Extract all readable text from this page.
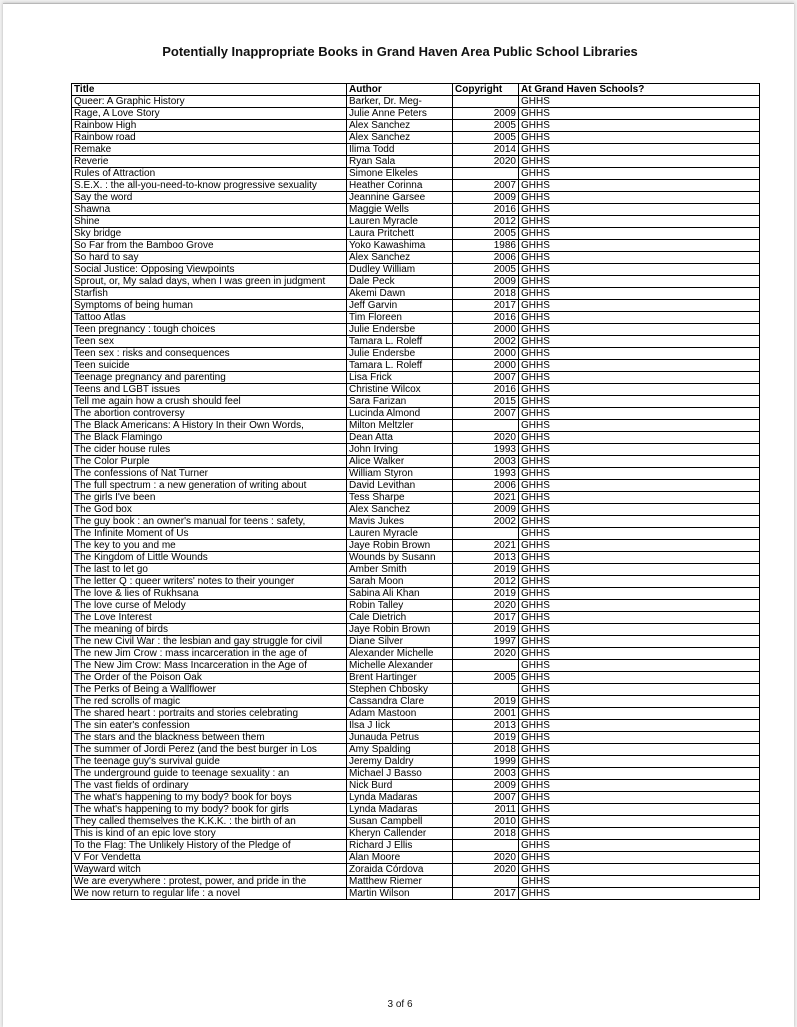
Potentially Inappropriate Books in Grand Haven Area Public School Libraries
Title	Author	Copyright	At Grand Haven Schools?
Queer: A Graphic History	Barker, Dr. Meg-		GHHS
Rage, A Love Story	Julie Anne Peters	2009	GHHS
Rainbow High	Alex Sanchez	2005	GHHS
Rainbow road	Alex Sanchez	2005	GHHS
Remake	Ilima Todd	2014	GHHS
Reverie	Ryan Sala	2020	GHHS
Rules of Attraction	Simone Elkeles		GHHS
S.E.X. : the all-you-need-to-know progressive sexuality	Heather Corinna	2007	GHHS
Say the word	Jeannine Garsee	2009	GHHS
Shawna	Maggie Wells	2016	GHHS
Shine	Lauren Myracle	2012	GHHS
Sky bridge	Laura Pritchett	2005	GHHS
So Far from the Bamboo Grove	Yoko Kawashima	1986	GHHS
So hard to say	Alex Sanchez	2006	GHHS
Social Justice: Opposing Viewpoints	Dudley William	2005	GHHS
Sprout, or, My salad days, when I was green in judgment	Dale Peck	2009	GHHS
Starfish	Akemi Dawn	2018	GHHS
Symptoms of being human	Jeff Garvin	2017	GHHS
Tattoo Atlas	Tim Floreen	2016	GHHS
Teen pregnancy : tough choices	Julie Endersbe	2000	GHHS
Teen sex	Tamara L. Roleff	2002	GHHS
Teen sex : risks and consequences	Julie Endersbe	2000	GHHS
Teen suicide	Tamara L. Roleff	2000	GHHS
Teenage pregnancy and parenting	Lisa Frick	2007	GHHS
Teens and LGBT issues	Christine Wilcox	2016	GHHS
Tell me again how a crush should feel	Sara Farizan	2015	GHHS
The abortion controversy	Lucinda Almond	2007	GHHS
The Black Americans: A History In their Own Words,	Milton Meltzler		GHHS
The Black Flamingo	Dean Atta	2020	GHHS
The cider house rules	John Irving	1993	GHHS
The Color Purple	Alice Walker	2003	GHHS
The confessions of Nat Turner	William Styron	1993	GHHS
The full spectrum : a new generation of writing about	David Levithan	2006	GHHS
The girls I've been	Tess Sharpe	2021	GHHS
The God box	Alex Sanchez	2009	GHHS
The guy book : an owner's manual for teens : safety,	Mavis Jukes	2002	GHHS
The Infinite Moment of Us	Lauren Myracle		GHHS
The key to you and me	Jaye Robin Brown	2021	GHHS
The Kingdom of Little Wounds	Wounds by Susann	2013	GHHS
The last to let go	Amber Smith	2019	GHHS
The letter Q : queer writers' notes to their younger	Sarah Moon	2012	GHHS
The love & lies of Rukhsana	Sabina Ali Khan	2019	GHHS
The love curse of Melody	Robin Talley	2020	GHHS
The Love Interest	Cale Dietrich	2017	GHHS
The meaning of birds	Jaye Robin Brown	2019	GHHS
The new Civil War : the lesbian and gay struggle for civil	Diane Silver	1997	GHHS
The new Jim Crow : mass incarceration in the age of	Alexander Michelle	2020	GHHS
The New Jim Crow: Mass Incarceration in the Age of	Michelle Alexander		GHHS
The Order of the Poison Oak	Brent Hartinger	2005	GHHS
The Perks of Being a Wallflower	Stephen Chbosky		GHHS
The red scrolls of magic	Cassandra Clare	2019	GHHS
The shared heart : portraits and stories celebrating	Adam Mastoon	2001	GHHS
The sin eater's confession	Ilsa J Iick	2013	GHHS
The stars and the blackness between them	Junauda Petrus	2019	GHHS
The summer of Jordi Perez (and the best burger in Los	Amy Spalding	2018	GHHS
The teenage guy's survival guide	Jeremy Daldry	1999	GHHS
The underground guide to teenage sexuality : an	Michael J Basso	2003	GHHS
The vast fields of ordinary	Nick Burd	2009	GHHS
The what's happening to my body? book for boys	Lynda Madaras	2007	GHHS
The what's happening to my body? book for girls	Lynda Madaras	2011	GHHS
They called themselves the K.K.K. : the birth of an	Susan Campbell	2010	GHHS
This is kind of an epic love story	Kheryn Callender	2018	GHHS
To the Flag: The Unlikely History of the Pledge of	Richard J Ellis		GHHS
V For Vendetta	Alan Moore	2020	GHHS
Wayward witch	Zoraida Córdova	2020	GHHS
We are everywhere : protest, power, and pride in the	Matthew Riemer		GHHS
We now return to regular life : a novel	Martin Wilson	2017	GHHS
3 of 6
